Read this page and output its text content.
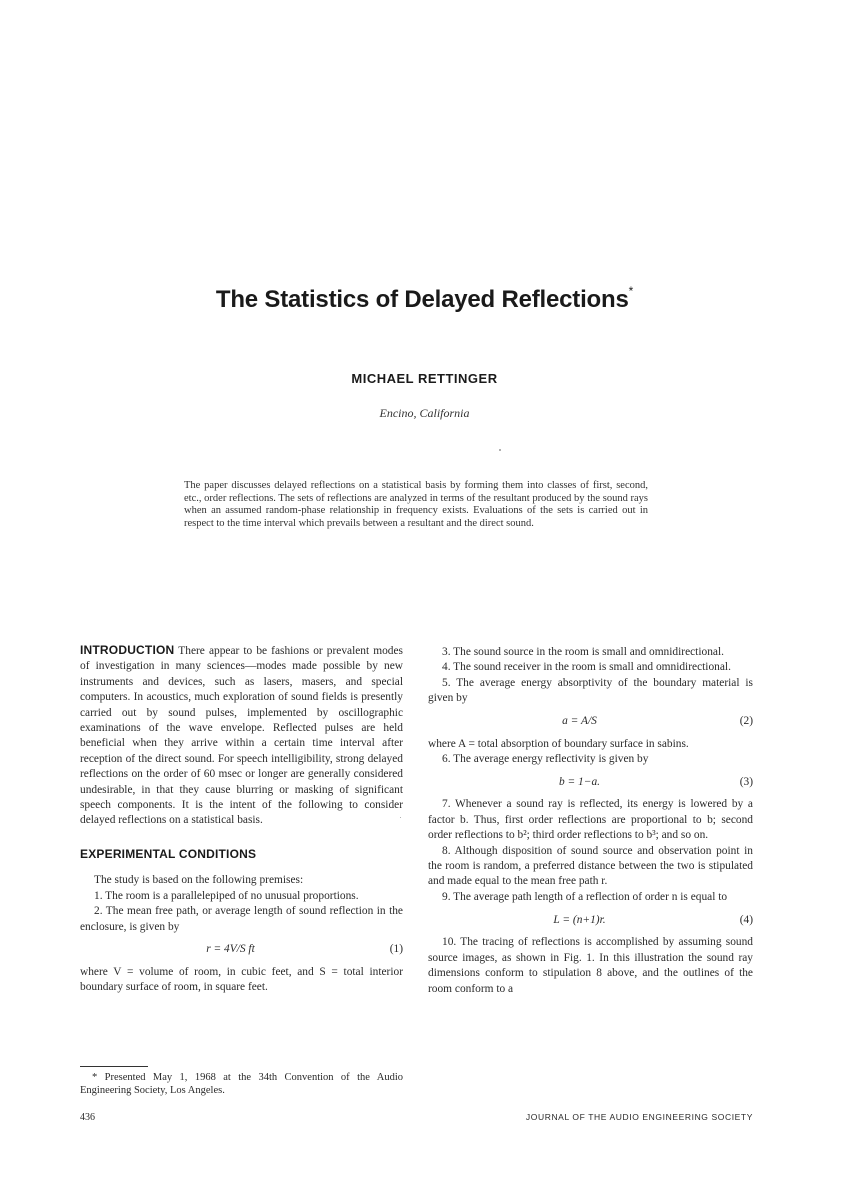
The Statistics of Delayed Reflections*
MICHAEL RETTINGER
Encino, California
The paper discusses delayed reflections on a statistical basis by forming them into classes of first, second, etc., order reflections. The sets of reflections are analyzed in terms of the resultant produced by the sound rays when an assumed random-phase relationship in frequency exists. Evaluations of the sets is carried out in respect to the time interval which prevails between a resultant and the direct sound.

INTRODUCTION There appear to be fashions or prevalent modes of investigation in many sciences—modes made possible by new instruments and devices, such as lasers, masers, and special computers. In acoustics, much exploration of sound fields is presently carried out by sound pulses, implemented by oscillographic examinations of the wave envelope. Reflected pulses are held beneficial when they arrive within a certain time interval after reception of the direct sound. For speech intelligibility, strong delayed reflections on the order of 60 msec or longer are generally considered undesirable, in that they cause blurring or masking of significant speech components. It is the intent of the following to consider delayed reflections on a statistical basis.

EXPERIMENTAL CONDITIONS

The study is based on the following premises:

1. The room is a parallelepiped of no unusual proportions.

2. The mean free path, or average length of sound reflection in the enclosure, is given by

r = 4V/S ft	(1)

where V = volume of room, in cubic feet, and S = total interior boundary surface of room, in square feet.

3. The sound source in the room is small and omnidirectional.

4. The sound receiver in the room is small and omnidirectional.

5. The average energy absorptivity of the boundary material is given by

a = A/S	(2)

where A = total absorption of boundary surface in sabins.

6. The average energy reflectivity is given by

b = 1−a.	(3)

7. Whenever a sound ray is reflected, its energy is lowered by a factor b. Thus, first order reflections are proportional to b; second order reflections to b²; third order reflections to b³; and so on.

8. Although disposition of sound source and observation point in the room is random, a preferred distance between the two is stipulated and made equal to the mean free path r.

9. The average path length of a reflection of order n is equal to

L = (n+1)r.	(4)

10. The tracing of reflections is accomplished by assuming sound source images, as shown in Fig. 1. In this illustration the sound ray dimensions conform to stipulation 8 above, and the outlines of the room conform to a

* Presented May 1, 1968 at the 34th Convention of the Audio Engineering Society, Los Angeles.
436	JOURNAL OF THE AUDIO ENGINEERING SOCIETY
